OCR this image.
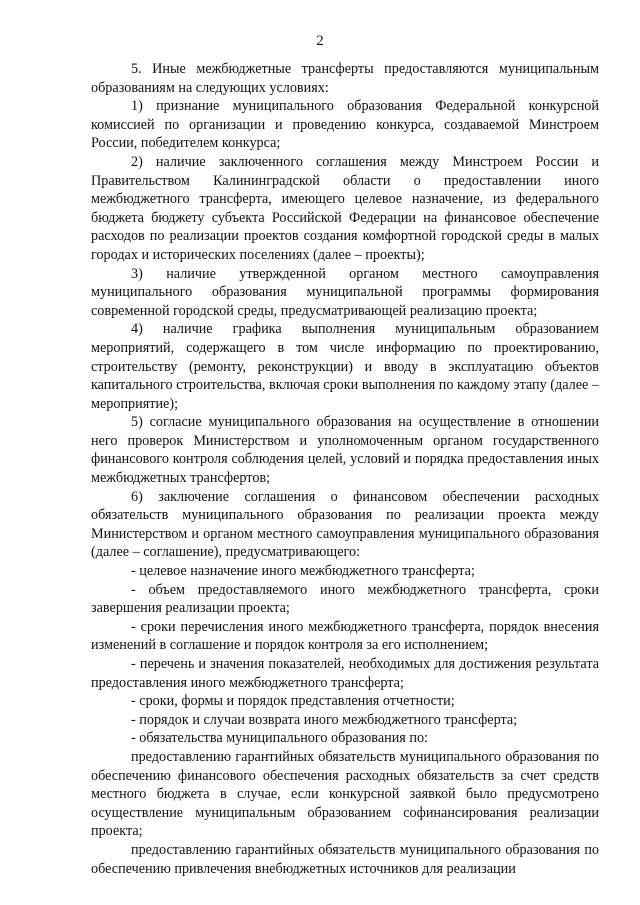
2

5. Иные межбюджетные трансферты предоставляются муниципальным образованиям на следующих условиях:

1) признание муниципального образования Федеральной конкурсной комиссией по организации и проведению конкурса, создаваемой Минстроем России, победителем конкурса;

2) наличие заключенного соглашения между Минстроем России и Правительством Калининградской области о предоставлении иного межбюджетного трансферта, имеющего целевое назначение, из федерального бюджета бюджету субъекта Российской Федерации на финансовое обеспечение расходов по реализации проектов создания комфортной городской среды в малых городах и исторических поселениях (далее – проекты);

3) наличие утвержденной органом местного самоуправления муниципального образования муниципальной программы формирования современной городской среды, предусматривающей реализацию проекта;

4) наличие графика выполнения муниципальным образованием мероприятий, содержащего в том числе информацию по проектированию, строительству (ремонту, реконструкции) и вводу в эксплуатацию объектов капитального строительства, включая сроки выполнения по каждому этапу (далее – мероприятие);

5) согласие муниципального образования на осуществление в отношении него проверок Министерством и уполномоченным органом государственного финансового контроля соблюдения целей, условий и порядка предоставления иных межбюджетных трансфертов;

6) заключение соглашения о финансовом обеспечении расходных обязательств муниципального образования по реализации проекта между Министерством и органом местного самоуправления муниципального образования (далее – соглашение), предусматривающего:

- целевое назначение иного межбюджетного трансферта;

- объем предоставляемого иного межбюджетного трансферта, сроки завершения реализации проекта;

- сроки перечисления иного межбюджетного трансферта, порядок внесения изменений в соглашение и порядок контроля за его исполнением;

- перечень и значения показателей, необходимых для достижения результата предоставления иного межбюджетного трансферта;

- сроки, формы и порядок представления отчетности;

- порядок и случаи возврата иного межбюджетного трансферта;

- обязательства муниципального образования по:

предоставлению гарантийных обязательств муниципального образования по обеспечению финансового обеспечения расходных обязательств за счет средств местного бюджета в случае, если конкурсной заявкой было предусмотрено осуществление муниципальным образованием софинансирования реализации проекта;

предоставлению гарантийных обязательств муниципального образования по обеспечению привлечения внебюджетных источников для реализации
